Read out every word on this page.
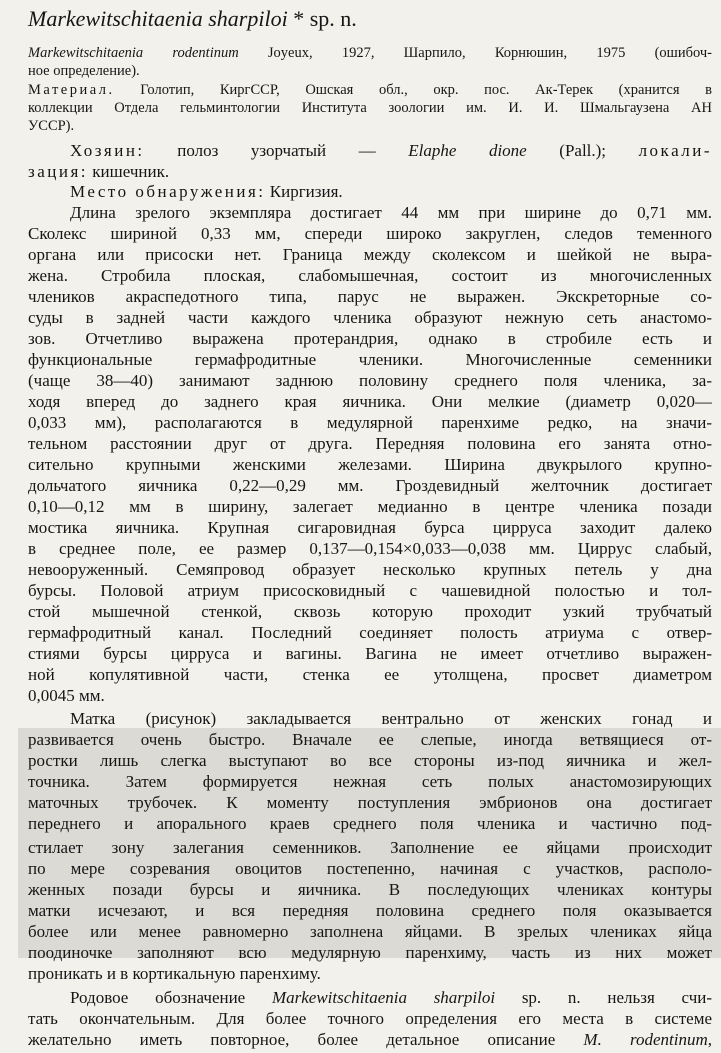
Markewitschitaenia sharpiloi * sp. n.
Markewitschitaenia rodentinum Joyeux, 1927, Шарпило, Корнюшин, 1975 (ошибоч-
ное определение).
Материал. Голотип, КиргССР, Ошская обл., окр. пос. Ак-Терек (хранится в
коллекции Отдела гельминтологии Института зоологии им. И. И. Шмальгаузена АН
УССР).
Хозяин: полоз узорчатый — Elaphe dione (Pall.); локали-
зация: кишечник.
Место обнаружения: Киргизия.
Длина зрелого экземпляра достигает 44 мм при ширине до 0,71 мм.
Сколекс шириной 0,33 мм, спереди широко закруглен, следов теменного
органа или присоски нет. Граница между сколексом и шейкой не выра-
жена. Стробила плоская, слабомышечная, состоит из многочисленных
члеников акраспедотного типа, парус не выражен. Экскреторные со-
суды в задней части каждого членика образуют нежную сеть анастомо-
зов. Отчетливо выражена протерандрия, однако в стробиле есть и
функциональные гермафродитные членики. Многочисленные семенники
(чаще 38—40) занимают заднюю половину среднего поля членика, за-
ходя вперед до заднего края яичника. Они мелкие (диаметр 0,020—
0,033 мм), располагаются в медулярной паренхиме редко, на значи-
тельном расстоянии друг от друга. Передняя половина его занята отно-
сительно крупными женскими железами. Ширина двукрылого крупно-
дольчатого яичника 0,22—0,29 мм. Гроздевидный желточник достигает
0,10—0,12 мм в ширину, залегает медианно в центре членика позади
мостика яичника. Крупная сигаровидная бурса цирруса заходит далеко
в среднее поле, ее размер 0,137—0,154×0,033—0,038 мм. Циррус слабый,
невооруженный. Семяпровод образует несколько крупных петель у дна
бурсы. Половой атриум присосковидный с чашевидной полостью и тол-
стой мышечной стенкой, сквозь которую проходит узкий трубчатый
гермафродитный канал. Последний соединяет полость атриума с отвер-
стиями бурсы цирруса и вагины. Вагина не имеет отчетливо выражен-
ной копулятивной части, стенка ее утолщена, просвет диаметром
0,0045 мм.
Матка (рисунок) закладывается вентрально от женских гонад и
развивается очень быстро. Вначале ее слепые, иногда ветвящиеся от-
ростки лишь слегка выступают во все стороны из-под яичника и жел-
точника. Затем формируется нежная сеть полых анастомозирующих
маточных трубочек. К моменту поступления эмбрионов она достигает
переднего и апорального краев среднего поля членика и частично под-
стилает зону залегания семенников. Заполнение ее яйцами происходит
по мере созревания овоцитов постепенно, начиная с участков, располо-
женных позади бурсы и яичника. В последующих члениках контуры
матки исчезают, и вся передняя половина среднего поля оказывается
более или менее равномерно заполнена яйцами. В зрелых члениках яйца
поодиночке заполняют всю медулярную паренхиму, часть из них может
проникать и в кортикальную паренхиму.
Родовое обозначение Markewitschitaenia sharpiloi sp. n. нельзя счи-
тать окончательным. Для более точного определения его места в системе
желательно иметь повторное, более детальное описание M. rodentinum,
